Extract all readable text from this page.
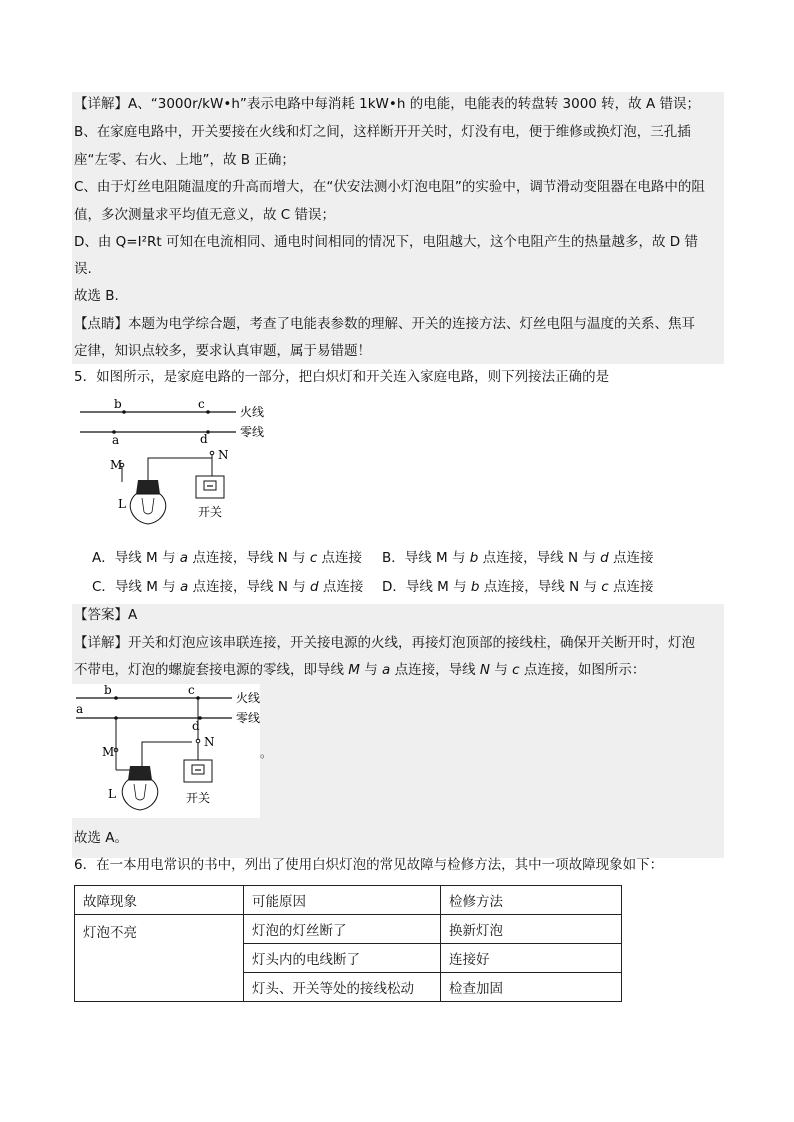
【详解】A、“3000r/kW•h”表示电路中每消耗 1kW•h 的电能，电能表的转盘转 3000 转，故 A 错误；
B、在家庭电路中，开关要接在火线和灯之间，这样断开开关时，灯没有电，便于维修或换灯泡，三孔插
座“左零、右火、上地”，故 B 正确；
C、由于灯丝电阻随温度的升高而增大，在“伏安法测小灯泡电阻”的实验中，调节滑动变阻器在电路中的阻
值，多次测量求平均值无意义，故 C 错误；
D、由 Q=I²Rt 可知在电流相同、通电时间相同的情况下，电阻越大，这个电阻产生的热量越多，故 D 错
误.
故选 B.
【点睛】本题为电学综合题，考查了电能表参数的理解、开关的连接方法、灯丝电阻与温度的关系、焦耳
定律，知识点较多，要求认真审题，属于易错题！
5．如图所示，是家庭电路的一部分，把白炽灯和开关连入家庭电路，则下列接法正确的是
b	c
a	d
火线
零线
M
N
L
开关
A．导线 M 与 a 点连接，导线 N 与 c 点连接 B．导线 M 与 b 点连接，导线 N 与 d 点连接
C．导线 M 与 a 点连接，导线 N 与 d 点连接 D．导线 M 与 b 点连接，导线 N 与 c 点连接
【答案】A
【详解】开关和灯泡应该串联连接，开关接电源的火线，再接灯泡顶部的接线柱，确保开关断开时，灯泡
不带电，灯泡的螺旋套接电源的零线，即导线 M 与 a 点连接，导线 N 与 c 点连接，如图所示：
b	c
a
d
火线
零线
M
N
L	开关
。
故选 A。
6．在一本用电常识的书中，列出了使用白炽灯泡的常见故障与检修方法，其中一项故障现象如下：
故障现象	可能原因	检修方法
灯泡不亮	灯泡的灯丝断了	换新灯泡
	灯头内的电线断了	连接好
	灯头、开关等处的接线松动	检查加固
